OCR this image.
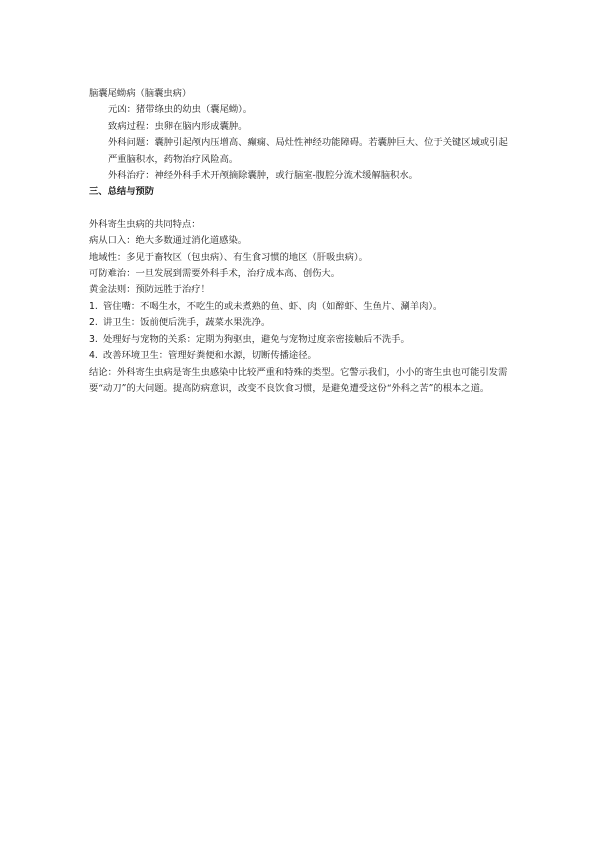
脑囊尾蚴病（脑囊虫病）
元凶：猪带绦虫的幼虫（囊尾蚴）。
致病过程：虫卵在脑内形成囊肿。
外科问题：囊肿引起颅内压增高、癫痫、局灶性神经功能障碍。若囊肿巨大、位于关键区域或引起严重脑积水，药物治疗风险高。
外科治疗：神经外科手术开颅摘除囊肿，或行脑室-腹腔分流术缓解脑积水。
三、总结与预防
外科寄生虫病的共同特点：
病从口入：绝大多数通过消化道感染。
地域性：多见于畜牧区（包虫病）、有生食习惯的地区（肝吸虫病）。
可防难治：一旦发展到需要外科手术，治疗成本高、创伤大。
黄金法则：预防远胜于治疗！
1. 管住嘴：不喝生水，不吃生的或未煮熟的鱼、虾、肉（如醉虾、生鱼片、涮羊肉）。
2. 讲卫生：饭前便后洗手，蔬菜水果洗净。
3. 处理好与宠物的关系：定期为狗驱虫，避免与宠物过度亲密接触后不洗手。
4. 改善环境卫生：管理好粪便和水源，切断传播途径。
结论：外科寄生虫病是寄生虫感染中比较严重和特殊的类型。它警示我们，小小的寄生虫也可能引发需要“动刀”的大问题。提高防病意识，改变不良饮食习惯，是避免遭受这份“外科之苦”的根本之道。
